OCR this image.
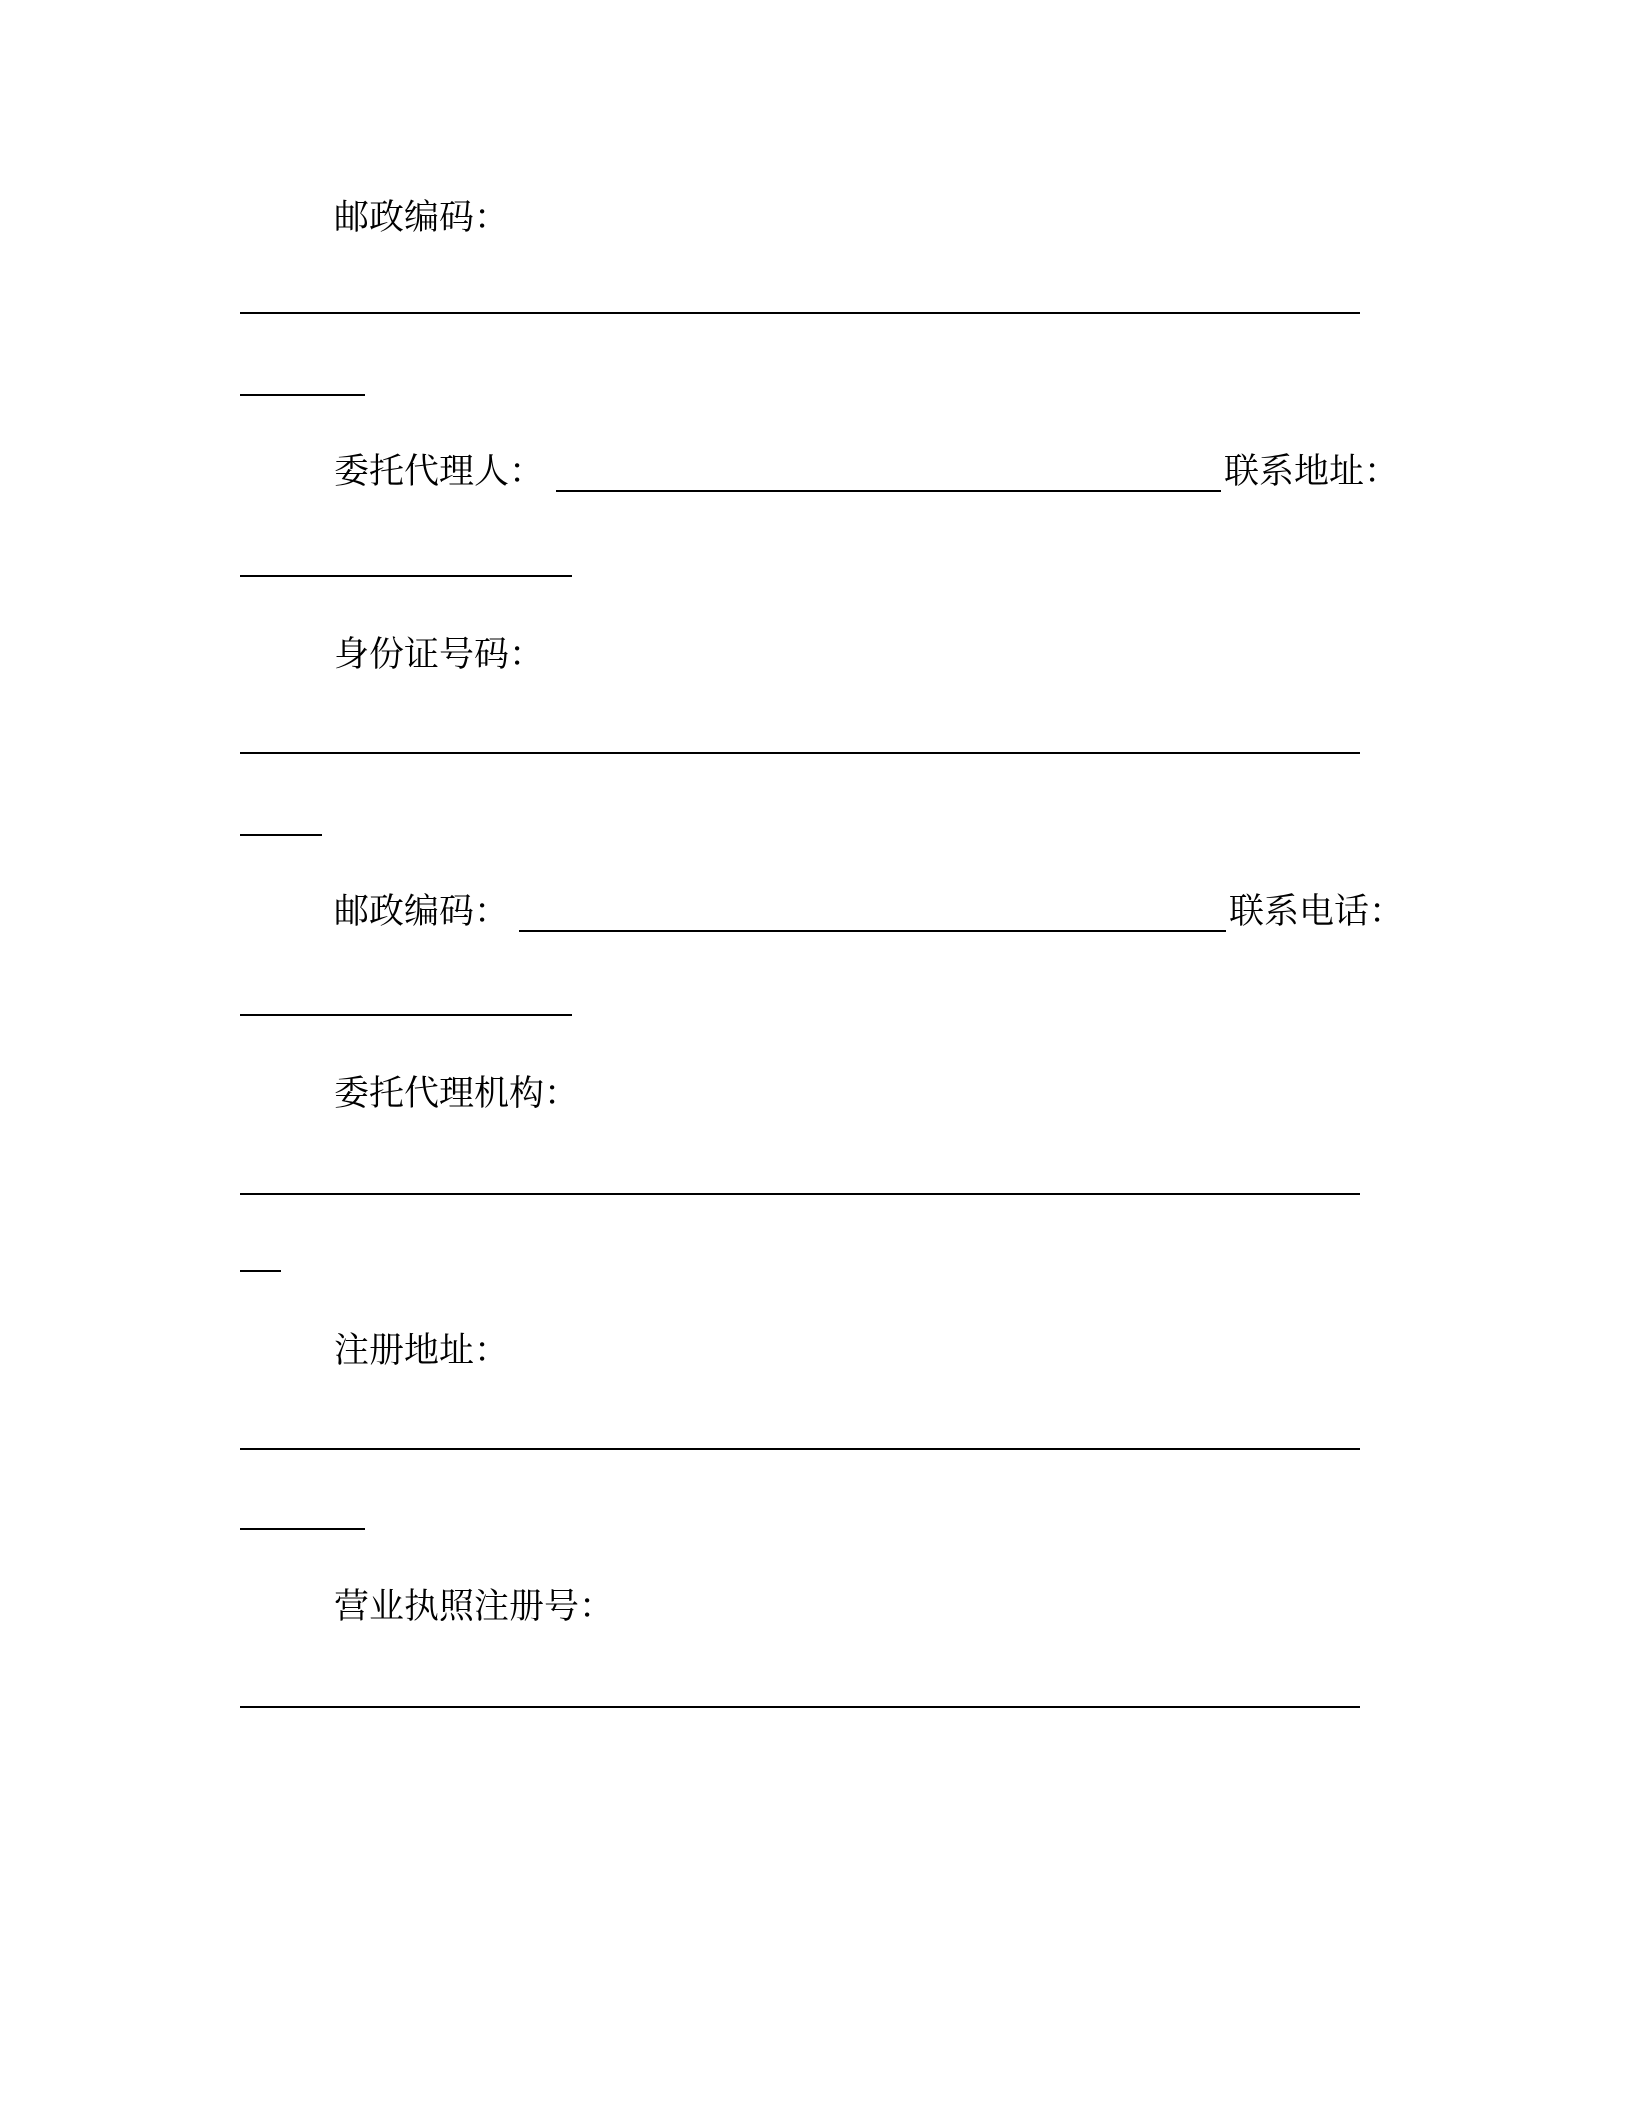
邮政编码：
委托代理人：	联系地址：
身份证号码：
邮政编码：	联系电话：
委托代理机构：
注册地址：
营业执照注册号：
